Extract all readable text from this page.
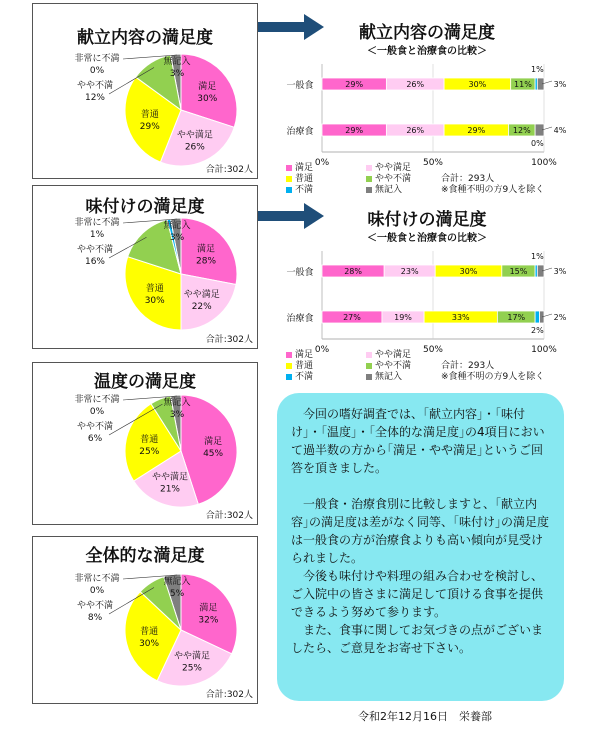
献立内容の満足度
満足
30%
やや満足
26%
普通
29%
無記入
3%
やや不満
12%
非常に不満
0%
合計:302人
味付けの満足度
満足
28%
やや満足
22%
普通
30%
無記入
3%
やや不満
16%
非常に不満
1%
合計:302人
温度の満足度
満足
45%
やや満足
21%
普通
25%
無記入
3%
やや不満
6%
非常に不満
0%
合計:302人
全体的な満足度
満足
32%
やや満足
25%
普通
30%
無記入
5%
やや不満
8%
非常に不満
0%
合計:302人
献立内容の満足度
＜一般食と治療食の比較＞
0%	50%	100%
一般食	29%	26%	30%	11%	3%
1%
治療食	29%	26%	29%	12%	4%
0%
満足	やや満足
普通	やや不満
不満	無記入
合計：293人
※食種不明の方9人を除く
味付けの満足度
＜一般食と治療食の比較＞
0%	50%	100%
一般食	28%	23%	30%	15%	3%
1%
治療食	27%	19%	33%	17%	2%
2%
満足	やや満足
普通	やや不満
不満	無記入
合計：293人
※食種不明の方9人を除く

　今回の嗜好調査では、｢献立内容｣・｢味付け｣・｢温度｣・｢全体的な満足度｣の4項目において過半数の方から｢満足・やや満足｣というご回答を頂きました。

　一般食・治療食別に比較しますと、｢献立内容｣の満足度は差がなく同等、｢味付け｣の満足度は一般食の方が治療食よりも高い傾向が見受けられました。

　今後も味付けや料理の組み合わせを検討し、ご入院中の皆さまに満足して頂ける食事を提供できるよう努めて参ります。

　また、食事に関してお気づきの点がございましたら、ご意見をお寄せ下さい。

令和2年12月16日　栄養部
